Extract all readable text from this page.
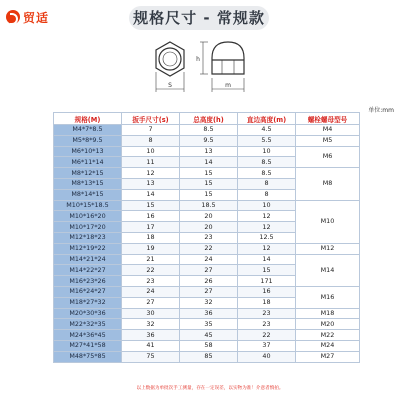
贸适	规格尺寸 - 常规款
S
h
m
单位:mm
规格(M)	扳手尺寸(s)	总高度(h)	直边高度(m)	螺栓螺母型号
M4*7*8.5	7	8.5	4.5	M4
M5*8*9.5	8	9.5	5.5	M5
M6*10*13	10	13	10	M6
M6*11*14	11	14	8.5	
M8*12*15	12	15	8.5	M8
M8*13*15	13	15	8	
M8*14*15	14	15	8	
M10*15*18.5	15	18.5	10	M10
M10*16*20	16	20	12	
M10*17*20	17	20	12	
M12*18*23	18	23	12.5	
M12*19*22	19	22	12	M12
M14*21*24	21	24	14	M14
M14*22*27	22	27	15	
M16*23*26	23	26	171	
M16*24*27	24	27	16	M16
M18*27*32	27	32	18	
M20*30*36	30	36	23	M18
M22*32*35	32	35	23	M20
M24*36*45	36	45	22	M22
M27*41*58	41	58	37	M24
M48*75*85	75	85	40	M27
以上数据为单批次手工测量，存在一定误差，以实物为准！介意者慎拍。
